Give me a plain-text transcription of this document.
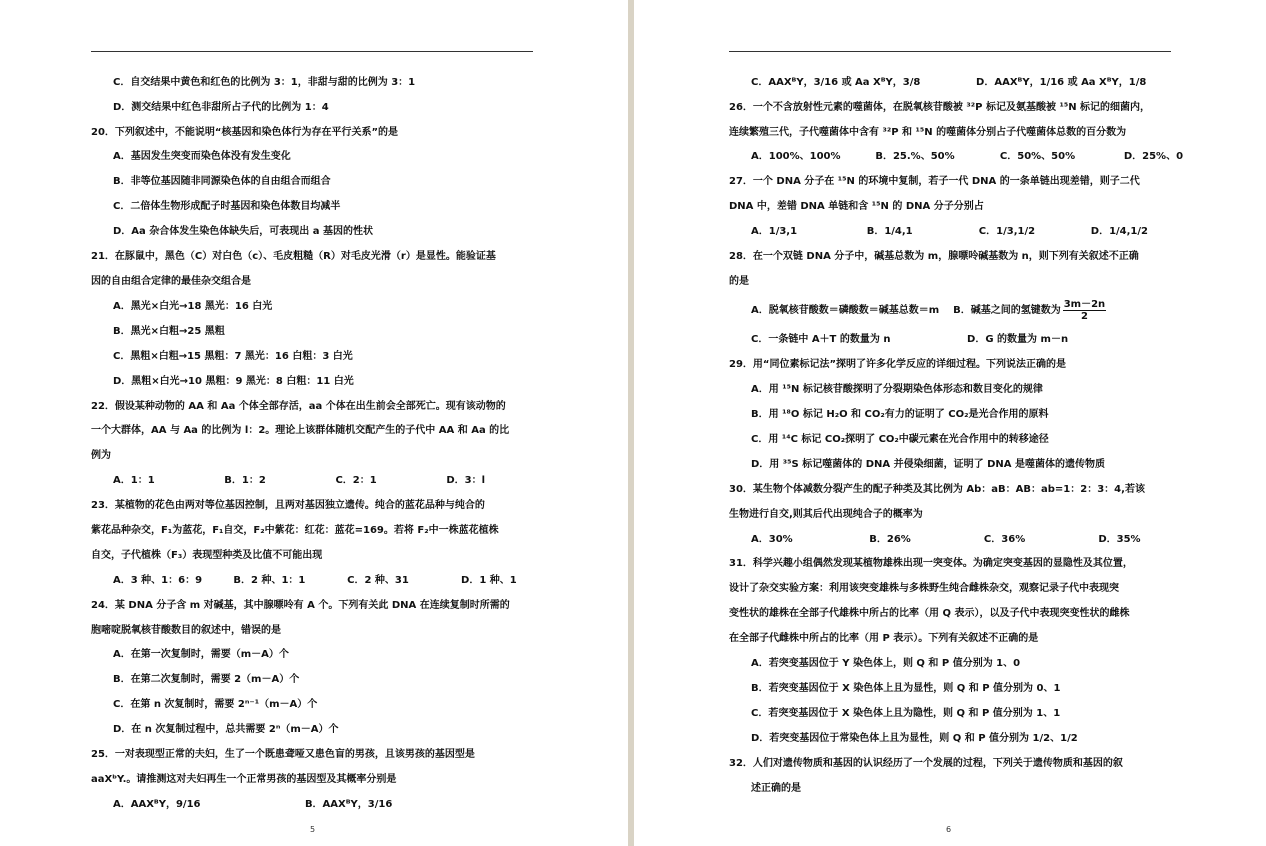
C．自交结果中黄色和红色的比例为 3：1，非甜与甜的比例为 3：1
D．测交结果中红色非甜所占子代的比例为 1：4
20．下列叙述中，不能说明“核基因和染色体行为存在平行关系”的是
A．基因发生突变而染色体没有发生变化
B．非等位基因随非同源染色体的自由组合而组合
C．二倍体生物形成配子时基因和染色体数目均减半
D．Aa 杂合体发生染色体缺失后，可表现出 a 基因的性状
21．在豚鼠中，黑色（C）对白色（c）、毛皮粗糙（R）对毛皮光滑（r）是显性。能验证基
因的自由组合定律的最佳杂交组合是
A．黑光×白光→18 黑光：16 白光
B．黑光×白粗→25 黑粗
C．黑粗×白粗→15 黑粗：7 黑光：16 白粗：3 白光
D．黑粗×白光→10 黑粗：9 黑光：8 白粗：11 白光
22．假设某种动物的 AA 和 Aa 个体全部存活，aa 个体在出生前会全部死亡。现有该动物的
一个大群体，AA 与 Aa 的比例为 l：2。理论上该群体随机交配产生的子代中 AA 和 Aa 的比
例为
A．1：1                    B．1：2                    C．2：1                    D．3：l
23．某植物的花色由两对等位基因控制，且两对基因独立遗传。纯合的蓝花品种与纯合的
紫花品种杂交，F₁为蓝花，F₁自交，F₂中紫花：红花：蓝花=169。若将 F₂中一株蓝花植株
自交，子代植株（F₃）表现型种类及比值不可能出现
A．3 种、1：6：9         B．2 种、1：1            C．2 种、31               D．1 种、1
24．某 DNA 分子含 m 对碱基，其中腺嘌呤有 A 个。下列有关此 DNA 在连续复制时所需的
胞嘧啶脱氧核苷酸数目的叙述中，错误的是
A．在第一次复制时，需要（m－A）个
B．在第二次复制时，需要 2（m－A）个
C．在第 n 次复制时，需要 2ⁿ⁻¹（m－A）个
D．在 n 次复制过程中，总共需要 2ⁿ（m－A）个
25．一对表现型正常的夫妇，生了一个既患聋哑又患色盲的男孩，且该男孩的基因型是
aaXᵇY.。请推测这对夫妇再生一个正常男孩的基因型及其概率分别是
A．AAXᴮY，9/16                              B．AAXᴮY，3/16
5
C．AAXᴮY，3/16 或 Aa XᴮY，3/8                D．AAXᴮY，1/16 或 Aa XᴮY，1/8
26．一个不含放射性元素的噬菌体，在脱氧核苷酸被 ³²P 标记及氨基酸被 ¹⁵N 标记的细菌内，
连续繁殖三代，子代噬菌体中含有 ³²P 和 ¹⁵N 的噬菌体分别占子代噬菌体总数的百分数为
A．100%、100%          B．25.%、50%             C．50%、50%              D．25%、0
27．一个 DNA 分子在 ¹⁵N 的环境中复制，若子一代 DNA 的一条单链出现差错，则子二代
DNA 中，差错 DNA 单链和含 ¹⁵N 的 DNA 分子分别占
A．1/3,1                    B．1/4,1                   C．1/3,1/2                D．1/4,1/2
28．在一个双链 DNA 分子中，碱基总数为 m，腺嘌呤碱基数为 n，则下列有关叙述不正确
的是
A．脱氧核苷酸数＝磷酸数＝碱基总数＝m    B．碱基之间的氢键数为 $\frac{3m-2n}{2}$
C．一条链中 A＋T 的数量为 n                      D．G 的数量为 m－n
29．用“同位素标记法”探明了许多化学反应的详细过程。下列说法正确的是
A．用 ¹⁵N 标记核苷酸探明了分裂期染色体形态和数目变化的规律
B．用 ¹⁸O 标记 H₂O 和 CO₂有力的证明了 CO₂是光合作用的原料
C．用 ¹⁴C 标记 CO₂探明了 CO₂中碳元素在光合作用中的转移途径
D．用 ³⁵S 标记噬菌体的 DNA 并侵染细菌，证明了 DNA 是噬菌体的遗传物质
30．某生物个体减数分裂产生的配子种类及其比例为 Ab：aB：AB：ab=1：2：3：4,若该
生物进行自交,则其后代出现纯合子的概率为
A．30%                      B．26%                     C．36%                     D．35%
31．科学兴趣小组偶然发现某植物雄株出现一突变体。为确定突变基因的显隐性及其位置，
设计了杂交实验方案：利用该突变雄株与多株野生纯合雌株杂交，观察记录子代中表现突
变性状的雄株在全部子代雄株中所占的比率（用 Q 表示），以及子代中表现突变性状的雌株
在全部子代雌株中所占的比率（用 P 表示）。下列有关叙述不正确的是
A．若突变基因位于 Y 染色体上，则 Q 和 P 值分别为 1、0
B．若突变基因位于 X 染色体上且为显性，则 Q 和 P 值分别为 0、1
C．若突变基因位于 X 染色体上且为隐性，则 Q 和 P 值分别为 1、1
D．若突变基因位于常染色体上且为显性，则 Q 和 P 值分别为 1/2、1/2
32．人们对遗传物质和基因的认识经历了一个发展的过程，下列关于遗传物质和基因的叙
述正确的是
6
